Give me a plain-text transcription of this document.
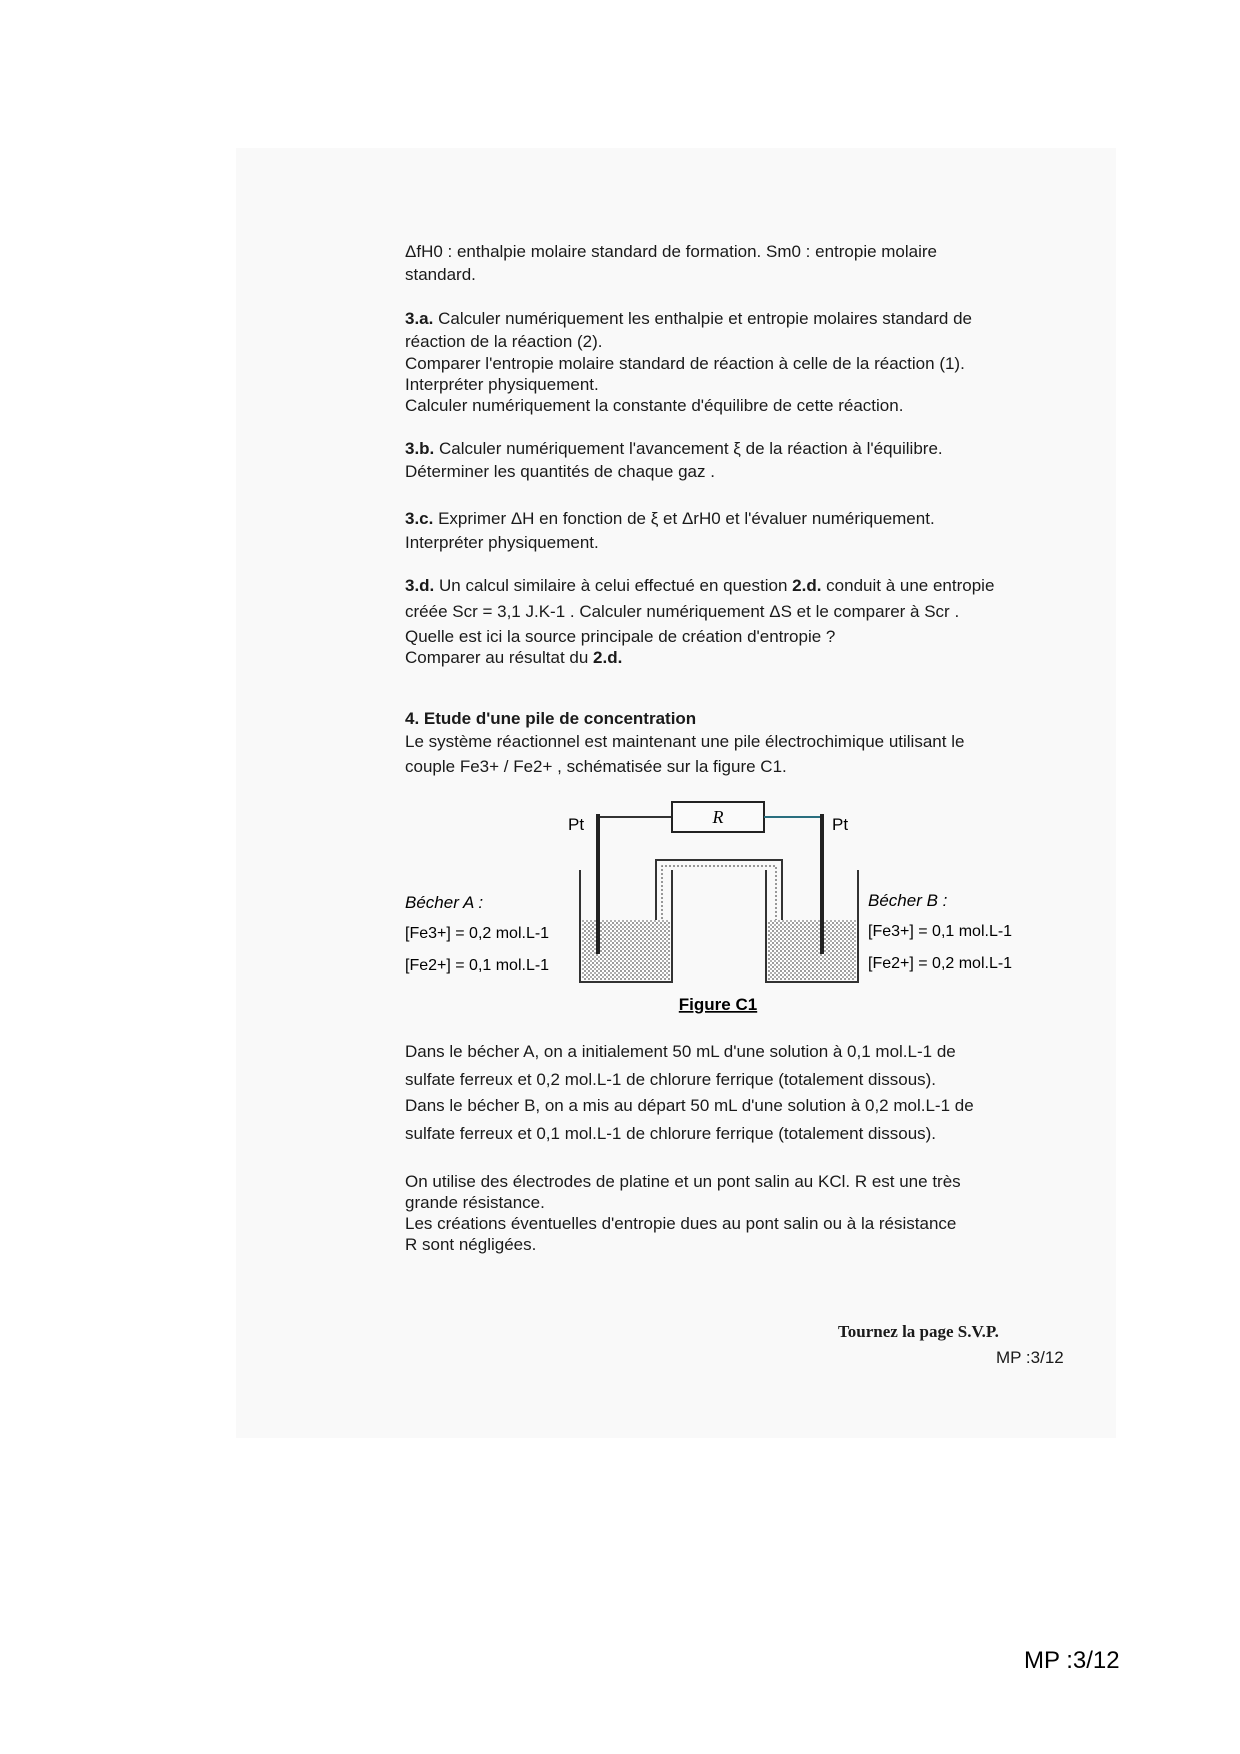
ΔfH0 : enthalpie molaire standard de formation. Sm0 : entropie molaire
standard.
3.a. Calculer numériquement les enthalpie et entropie molaires standard de
réaction de la réaction (2).
Comparer l'entropie molaire standard de réaction à celle de la réaction (1).
Interpréter physiquement.
Calculer numériquement la constante d'équilibre de cette réaction.
3.b. Calculer numériquement l'avancement ξ de la réaction à l'équilibre.
Déterminer les quantités de chaque gaz .
3.c. Exprimer ΔH en fonction de ξ et ΔrH0 et l'évaluer numériquement.
Interpréter physiquement.
3.d. Un calcul similaire à celui effectué en question 2.d. conduit à une entropie
créée Scr = 3,1 J.K-1 . Calculer numériquement ΔS et le comparer à Scr .
Quelle est ici la source principale de création d'entropie ?
Comparer au résultat du 2.d.
4. Etude d'une pile de concentration
Le système réactionnel est maintenant une pile électrochimique utilisant le
couple Fe3+ / Fe2+ , schématisée sur la figure C1.
R
Pt	Pt
Bécher A :
[Fe3+] = 0,2 mol.L-1
[Fe2+] = 0,1 mol.L-1
Bécher B :
[Fe3+] = 0,1 mol.L-1
[Fe2+] = 0,2 mol.L-1
Figure C1
Dans le bécher A, on a initialement 50 mL d'une solution à 0,1 mol.L-1 de
sulfate ferreux et 0,2 mol.L-1 de chlorure ferrique (totalement dissous).
Dans le bécher B, on a mis au départ 50 mL d'une solution à 0,2 mol.L-1 de
sulfate ferreux et 0,1 mol.L-1 de chlorure ferrique (totalement dissous).
On utilise des électrodes de platine et un pont salin au KCl. R est une très
grande résistance.
Les créations éventuelles d'entropie dues au pont salin ou à la résistance
R sont négligées.
Tournez la page S.V.P.
MP :3/12
MP :3/12
